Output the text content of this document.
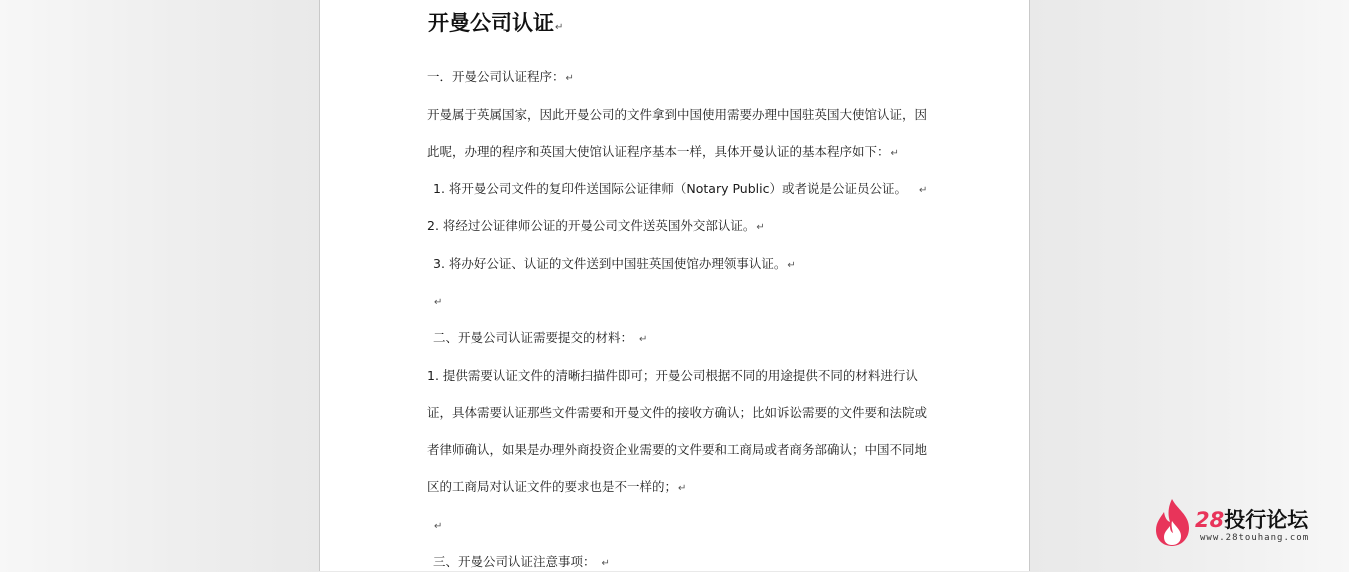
开曼公司认证↵
一．开曼公司认证程序：↵
开曼属于英属国家，因此开曼公司的文件拿到中国使用需要办理中国驻英国大使馆认证，因
此呢，办理的程序和英国大使馆认证程序基本一样，具体开曼认证的基本程序如下：↵
1. 将开曼公司文件的复印件送国际公证律师（Notary Public）或者说是公证员公证。 ↵
2. 将经过公证律师公证的开曼公司文件送英国外交部认证。↵
3. 将办好公证、认证的文件送到中国驻英国使馆办理领事认证。↵
↵
二、开曼公司认证需要提交的材料： ↵
1. 提供需要认证文件的清晰扫描件即可；开曼公司根据不同的用途提供不同的材料进行认
证，具体需要认证那些文件需要和开曼文件的接收方确认；比如诉讼需要的文件要和法院或
者律师确认，如果是办理外商投资企业需要的文件要和工商局或者商务部确认；中国不同地
区的工商局对认证文件的要求也是不一样的；↵
↵
三、开曼公司认证注意事项： ↵
28投行论坛
www.28touhang.com
